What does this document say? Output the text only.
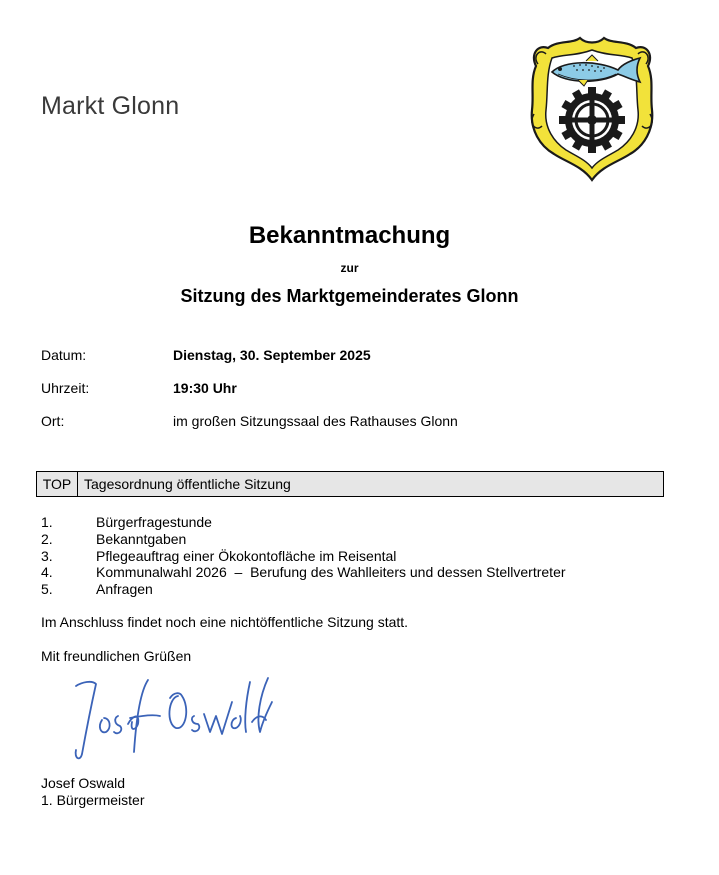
Markt Glonn
Bekanntmachung
zur
Sitzung des Marktgemeinderates Glonn
Datum:	Dienstag, 30. September 2025
Uhrzeit:	19:30 Uhr
Ort:	im großen Sitzungssaal des Rathauses Glonn
TOP Tagesordnung öffentliche Sitzung
1.	Bürgerfragestunde
2.	Bekanntgaben
3.	Pflegeauftrag einer Ökokontofläche im Reisental
4.	Kommunalwahl 2026  –  Berufung des Wahlleiters und dessen Stellvertreter
5.	Anfragen
Im Anschluss findet noch eine nichtöffentliche Sitzung statt.
Mit freundlichen Grüßen
Josef Oswald
1. Bürgermeister
